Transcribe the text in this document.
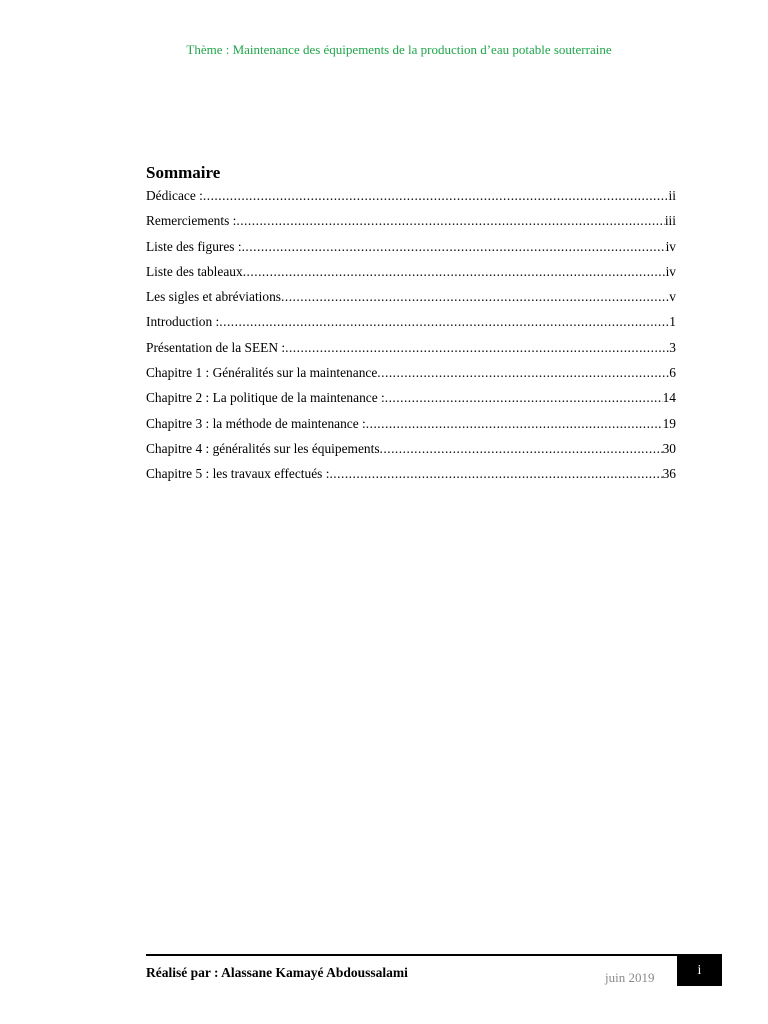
Thème : Maintenance des équipements de la production d’eau potable souterraine
Sommaire
Dédicace : .....	ii
Remerciements : .....	iii
Liste des figures : .....	iv
Liste des tableaux .....	iv
Les sigles et abréviations .....	v
Introduction : .....	1
Présentation de la SEEN : .....	3
Chapitre 1 : Généralités sur la maintenance .....	6
Chapitre 2 : La politique de la maintenance : .....	14
Chapitre 3 : la méthode de maintenance : .....	19
Chapitre 4 : généralités sur les équipements .....	30
Chapitre 5 : les travaux effectués : .....	36
Réalisé par : Alassane Kamayé Abdoussalami	juin 2019	i
